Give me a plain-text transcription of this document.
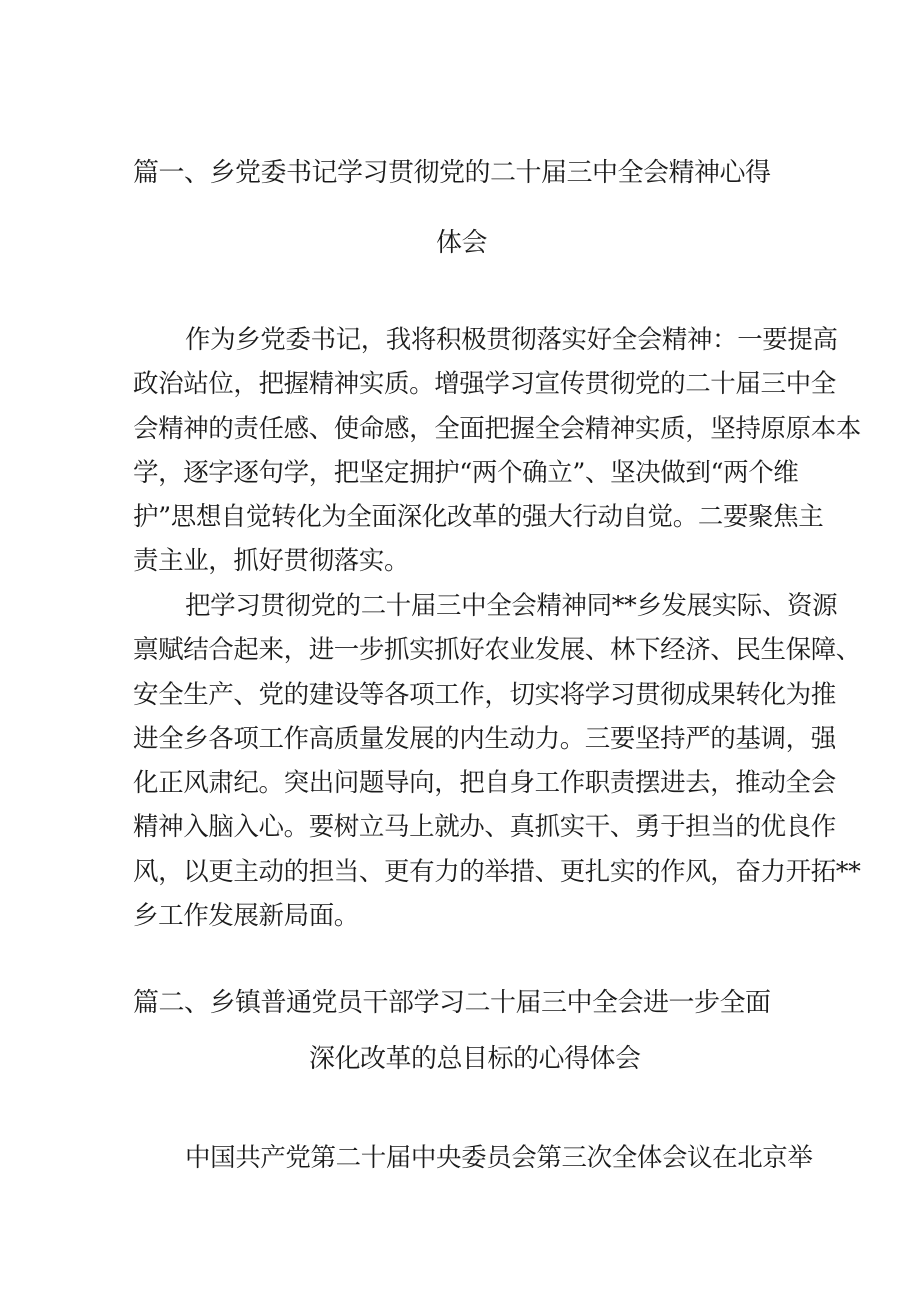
篇一、乡党委书记学习贯彻党的二十届三中全会精神心得
体会
作为乡党委书记，我将积极贯彻落实好全会精神：一要提高
政治站位，把握精神实质。增强学习宣传贯彻党的二十届三中全
会精神的责任感、使命感，全面把握全会精神实质，坚持原原本本
学，逐字逐句学，把坚定拥护“两个确立”、坚决做到“两个维
护”思想自觉转化为全面深化改革的强大行动自觉。二要聚焦主
责主业，抓好贯彻落实。
把学习贯彻党的二十届三中全会精神同**乡发展实际、资源
禀赋结合起来，进一步抓实抓好农业发展、林下经济、民生保障、
安全生产、党的建设等各项工作，切实将学习贯彻成果转化为推
进全乡各项工作高质量发展的内生动力。三要坚持严的基调，强
化正风肃纪。突出问题导向，把自身工作职责摆进去，推动全会
精神入脑入心。要树立马上就办、真抓实干、勇于担当的优良作
风，以更主动的担当、更有力的举措、更扎实的作风，奋力开拓**
乡工作发展新局面。
篇二、乡镇普通党员干部学习二十届三中全会进一步全面
深化改革的总目标的心得体会
中国共产党第二十届中央委员会第三次全体会议在北京举
